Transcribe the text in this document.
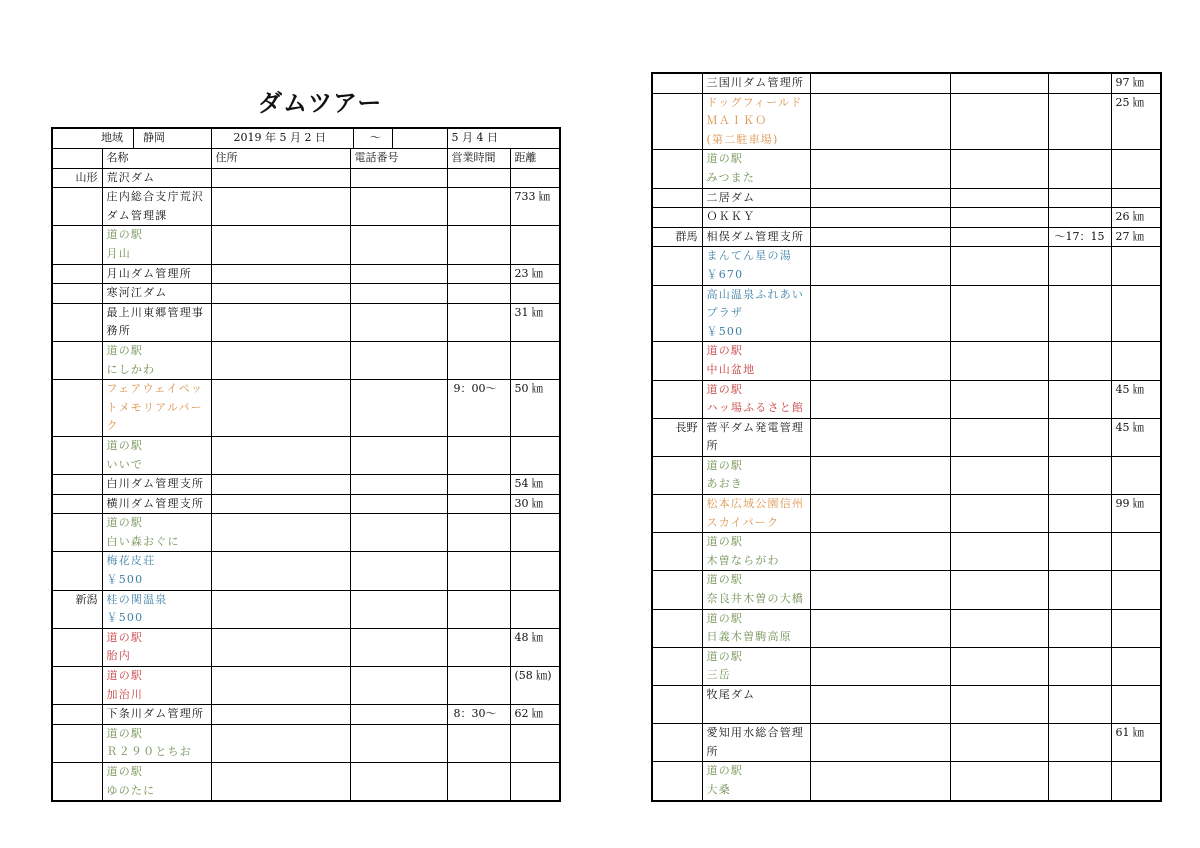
ダムツアー
地域 静岡		2019 年 5 月 2 日 〜		5 月 4 日	
	名称	住所	電話番号	営業時間	距離
山形	荒沢ダム				

	庄内総合支庁荒沢
ダム管理課				733 ㎞

	道の駅
月山				

	月山ダム管理所				23 ㎞

	寒河江ダム				

	最上川東郷管理事
務所				31 ㎞

	道の駅
にしかわ				

	フェアウェイペッ
トメモリアルパー
ク			9：00〜	50 ㎞

	道の駅
いいで				

	白川ダム管理支所				54 ㎞

	横川ダム管理支所				30 ㎞

	道の駅
白い森おぐに				

	梅花皮荘
￥500				

新潟	桂の関温泉
￥500				

	道の駅
胎内				48 ㎞

	道の駅
加治川				(58 ㎞)

	下条川ダム管理所			8：30〜	62 ㎞

	道の駅
Ｒ２９０とちお				

	道の駅
ゆのたに				

	三国川ダム管理所				97 ㎞

	ドッグフィールド
ＭＡＩＫＯ
(第二駐車場)				25 ㎞

	道の駅
みつまた				

	二居ダム				

	ＯＫＫＹ				26 ㎞
群馬	相俣ダム管理支所			〜17：15	27 ㎞

	まんてん星の湯
￥670				

	高山温泉ふれあい
プラザ
￥500				

	道の駅
中山盆地				

	道の駅
ハッ場ふるさと館				45 ㎞
長野	菅平ダム発電管理
所				45 ㎞

	道の駅
あおき				

	松本広域公園信州
スカイパーク				99 ㎞

	道の駅
木曽ならがわ				

	道の駅
奈良井木曽の大橋				

	道の駅
日義木曽駒高原				

	道の駅
三岳				

	牧尾ダム				

	愛知用水総合管理
所				61 ㎞

	道の駅
大桑				
